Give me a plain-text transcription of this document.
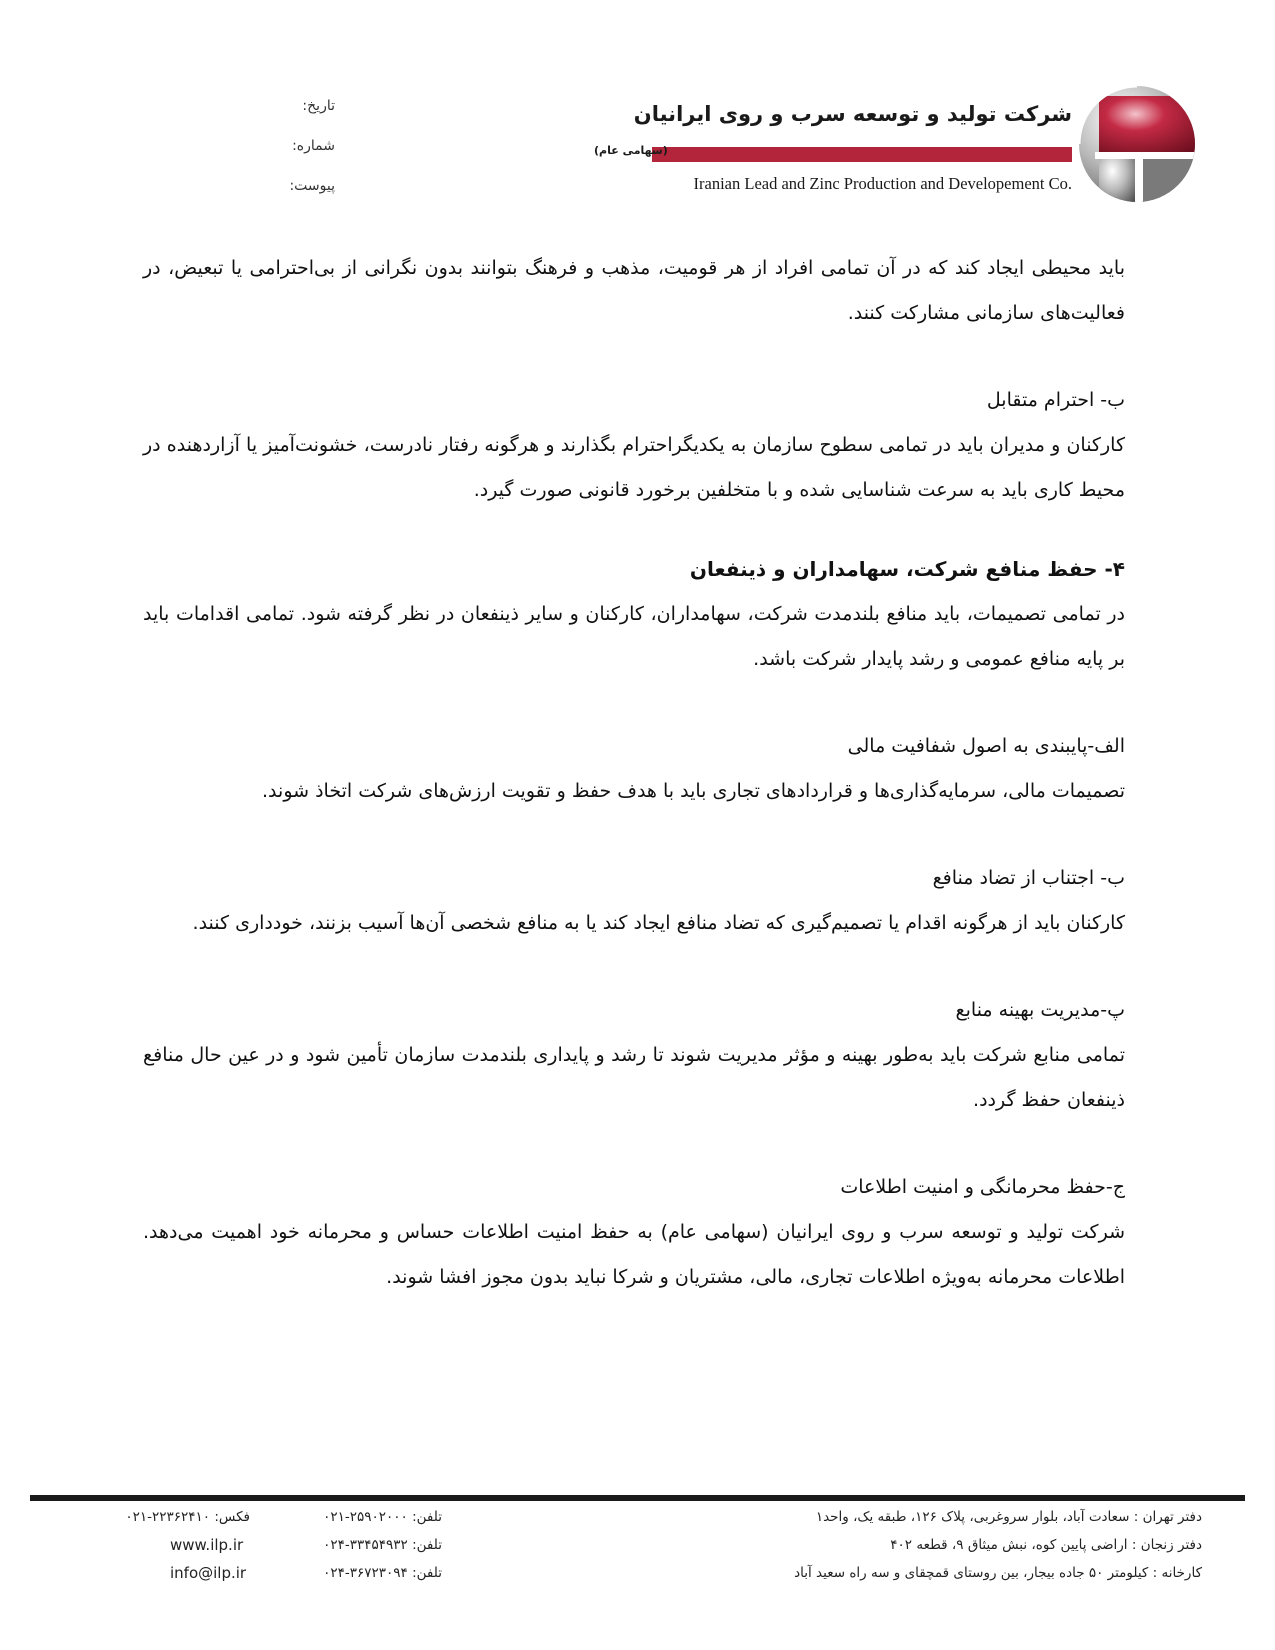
شرکت تولید و توسعه سرب و روی ایرانیان
(سهامی عام)
Iranian Lead and Zinc Production and Developement Co.
تاریخ:
شماره:
پیوست:

باید محیطی ایجاد کند که در آن تمامی افراد از هر قومیت، مذهب و فرهنگ بتوانند بدون نگرانی از بی‌احترامی یا تبعیض، در فعالیت‌های سازمانی مشارکت کنند.

ب- احترام متقابل

کارکنان و مدیران باید در تمامی سطوح سازمان به یکدیگراحترام بگذارند و هرگونه رفتار نادرست، خشونت‌آمیز یا آزاردهنده در محیط کاری باید به سرعت شناسایی شده و با متخلفین برخورد قانونی صورت گیرد.

۴- حفظ منافع شرکت، سهامداران و ذینفعان

در تمامی تصمیمات، باید منافع بلندمدت شرکت، سهامداران، کارکنان و سایر ذینفعان در نظر گرفته شود. تمامی اقدامات باید بر پایه منافع عمومی و رشد پایدار شرکت باشد.

الف-پایبندی به اصول شفافیت مالی

تصمیمات مالی، سرمایه‌گذاری‌ها و قراردادهای تجاری باید با هدف حفظ و تقویت ارزش‌های شرکت اتخاذ شوند.

ب- اجتناب از تضاد منافع

کارکنان باید از هرگونه اقدام یا تصمیم‌گیری که تضاد منافع ایجاد کند یا به منافع شخصی آن‌ها آسیب بزنند، خودداری کنند.

پ-مدیریت بهینه منابع

تمامی منابع شرکت باید به‌طور بهینه و مؤثر مدیریت شوند تا رشد و پایداری بلندمدت سازمان تأمین شود و در عین حال منافع ذینفعان حفظ گردد.

ج-حفظ محرمانگی و امنیت اطلاعات

شرکت تولید و توسعه سرب و روی ایرانیان (سهامی عام) به حفظ امنیت اطلاعات حساس و محرمانه خود اهمیت می‌دهد. اطلاعات محرمانه به‌ویژه اطلاعات تجاری، مالی، مشتریان و شرکا نباید بدون مجوز افشا شوند.

دفتر تهران : سعادت آباد، بلوار سروغربی، پلاک ۱۲۶، طبقه یک، واحد۱
دفتر زنجان : اراضی پایین کوه، نبش میثاق ۹، قطعه ۴۰۲
کارخانه : کیلومتر ۵۰ جاده بیجار، بین روستای قمچقای و سه راه سعید آباد
تلفن: ۰۲۱-۲۵۹۰۲۰۰۰
تلفن: ۰۲۴-۳۳۴۵۴۹۳۲
تلفن: ۰۲۴-۳۶۷۲۳۰۹۴
فکس: ۰۲۱-۲۲۳۶۲۴۱۰
www.ilp.ir
info@ilp.ir
